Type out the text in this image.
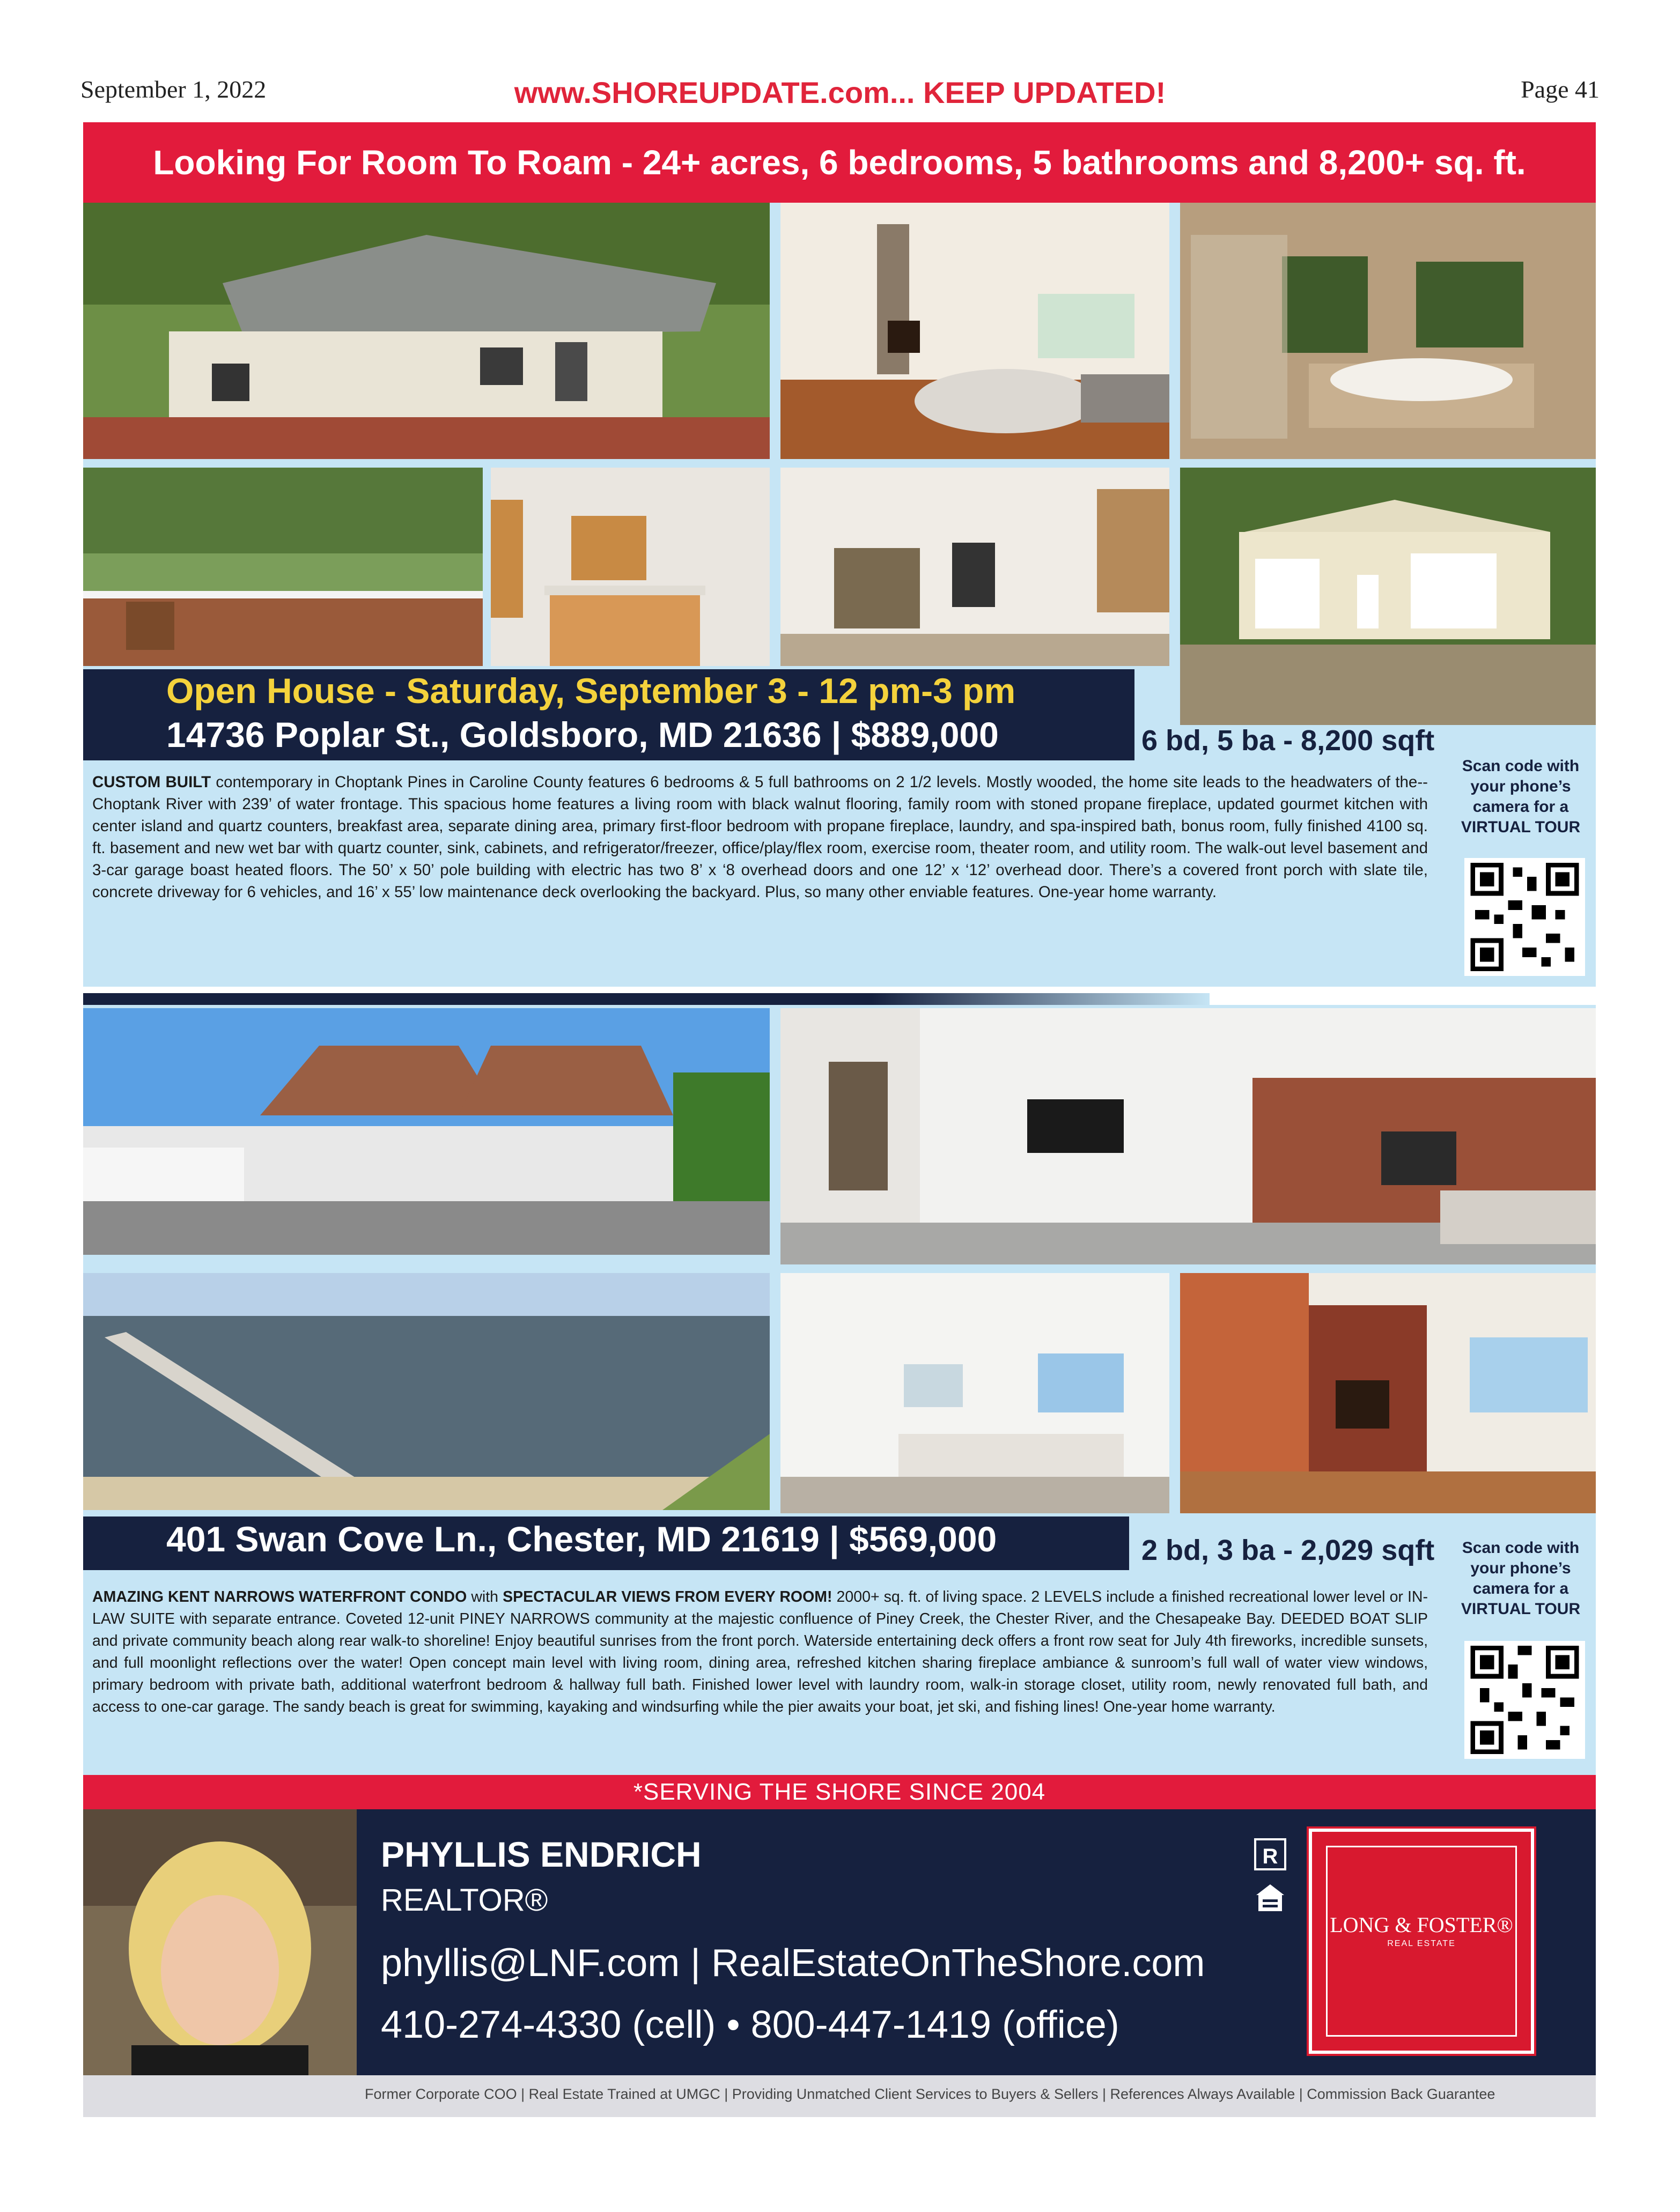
September 1, 2022	www.SHOREUPDATE.com... KEEP UPDATED!	Page 41
Looking For Room To Roam - 24+ acres, 6 bedrooms, 5 bathrooms and 8,200+ sq. ft.
Open House - Saturday, September 3 - 12 pm-3 pm
14736 Poplar St., Goldsboro, MD 21636 | $889,000	6 bd, 5 ba - 8,200 sqft
CUSTOM BUILT contemporary in Choptank Pines in Caroline County features 6 bedrooms & 5 full bathrooms on 2 1/2 levels. Mostly wooded, the home site leads to the headwaters of the--Choptank River with 239’ of water frontage. This spacious home features a living room with black walnut flooring, family room with stoned propane fireplace, updated gourmet kitchen with center island and quartz counters, breakfast area, separate dining area, primary first-floor bedroom with propane fireplace, laundry, and spa-inspired bath, bonus room, fully finished 4100 sq. ft. basement and new wet bar with quartz counter, sink, cabinets, and refrigerator/freezer, office/play/flex room, exercise room, theater room, and utility room. The walk-out level basement and 3-car garage boast heated floors. The 50’ x 50’ pole building with electric has two 8’ x ‘8 overhead doors and one 12’ x ‘12’ overhead door. There’s a covered front porch with slate tile, concrete driveway for 6 vehicles, and 16’ x 55’ low maintenance deck overlooking the backyard. Plus, so many other enviable features. One-year home warranty.
Scan code with
your phone’s
camera for a
VIRTUAL TOUR
401 Swan Cove Ln., Chester, MD 21619 | $569,000	2 bd, 3 ba - 2,029 sqft
AMAZING KENT NARROWS WATERFRONT CONDO with SPECTACULAR VIEWS FROM EVERY ROOM! 2000+ sq. ft. of living space. 2 LEVELS include a finished recreational lower level or IN-LAW SUITE with separate entrance. Coveted 12-unit PINEY NARROWS community at the majestic confluence of Piney Creek, the Chester River, and the Chesapeake Bay. DEEDED BOAT SLIP and private community beach along rear walk-to shoreline! Enjoy beautiful sunrises from the front porch. Waterside entertaining deck offers a front row seat for July 4th fireworks, incredible sunsets, and full moonlight reflections over the water! Open concept main level with living room, dining area, refreshed kitchen sharing fireplace ambiance & sunroom’s full wall of water view windows, primary bedroom with private bath, additional waterfront bedroom & hallway full bath. Finished lower level with laundry room, walk-in storage closet, utility room, newly renovated full bath, and access to one-car garage. The sandy beach is great for swimming, kayaking and windsurfing while the pier awaits your boat, jet ski, and fishing lines! One-year home warranty.
Scan code with
your phone’s
camera for a
VIRTUAL TOUR
*SERVING THE SHORE SINCE 2004
PHYLLIS ENDRICH
REALTOR®
phyllis@LNF.com | RealEstateOnTheShore.com
410-274-4330 (cell) • 800-447-1419 (office)
R
LONG & FOSTER®
REAL ESTATE
Former Corporate COO | Real Estate Trained at UMGC | Providing Unmatched Client Services to Buyers & Sellers | References Always Available | Commission Back Guarantee
